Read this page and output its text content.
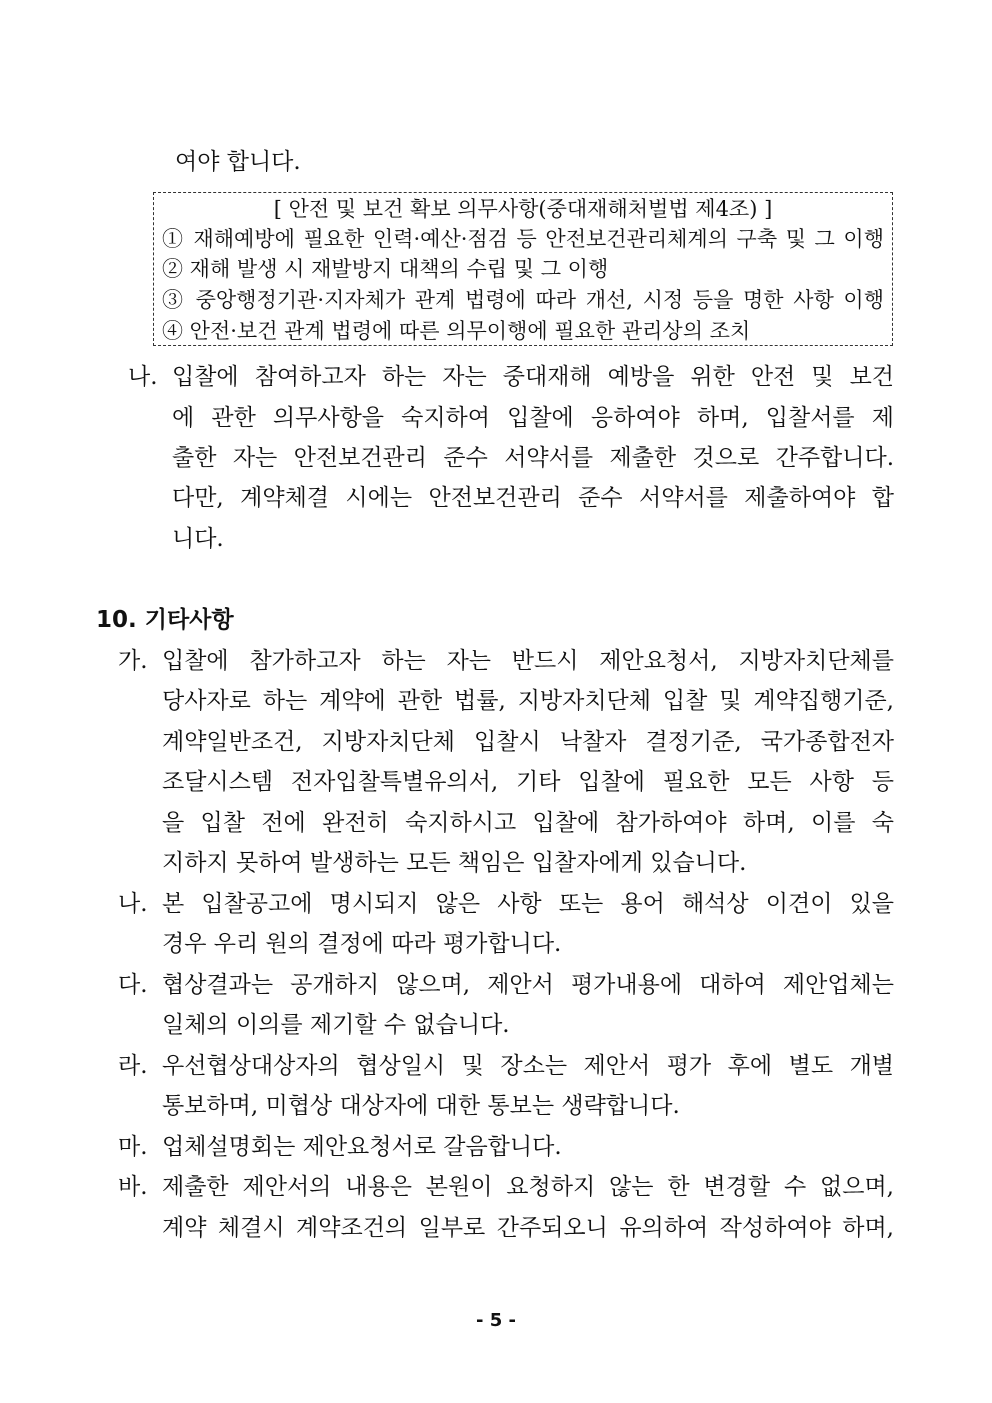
여야 합니다.
[ 안전 및 보건 확보 의무사항(중대재해처벌법 제4조) ]
① 재해예방에 필요한 인력·예산·점검 등 안전보건관리체계의 구축 및 그 이행
② 재해 발생 시 재발방지 대책의 수립 및 그 이행
③ 중앙행정기관·지자체가 관계 법령에 따라 개선, 시정 등을 명한 사항 이행
④ 안전·보건 관계 법령에 따른 의무이행에 필요한 관리상의 조치
나. 입찰에 참여하고자 하는 자는 중대재해 예방을 위한 안전 및 보건
에 관한 의무사항을 숙지하여 입찰에 응하여야 하며, 입찰서를 제
출한 자는 안전보건관리 준수 서약서를 제출한 것으로 간주합니다.
다만, 계약체결 시에는 안전보건관리 준수 서약서를 제출하여야 합
니다.
10. 기타사항
가. 입찰에 참가하고자 하는 자는 반드시 제안요청서, 지방자치단체를
당사자로 하는 계약에 관한 법률, 지방자치단체 입찰 및 계약집행기준,
계약일반조건, 지방자치단체 입찰시 낙찰자 결정기준, 국가종합전자
조달시스템 전자입찰특별유의서, 기타 입찰에 필요한 모든 사항 등
을 입찰 전에 완전히 숙지하시고 입찰에 참가하여야 하며, 이를 숙
지하지 못하여 발생하는 모든 책임은 입찰자에게 있습니다.
나. 본 입찰공고에 명시되지 않은 사항 또는 용어 해석상 이견이 있을
경우 우리 원의 결정에 따라 평가합니다.
다. 협상결과는 공개하지 않으며, 제안서 평가내용에 대하여 제안업체는
일체의 이의를 제기할 수 없습니다.
라. 우선협상대상자의 협상일시 및 장소는 제안서 평가 후에 별도 개별
통보하며, 미협상 대상자에 대한 통보는 생략합니다.
마. 업체설명회는 제안요청서로 갈음합니다.
바. 제출한 제안서의 내용은 본원이 요청하지 않는 한 변경할 수 없으며,
계약 체결시 계약조건의 일부로 간주되오니 유의하여 작성하여야 하며,
- 5 -
